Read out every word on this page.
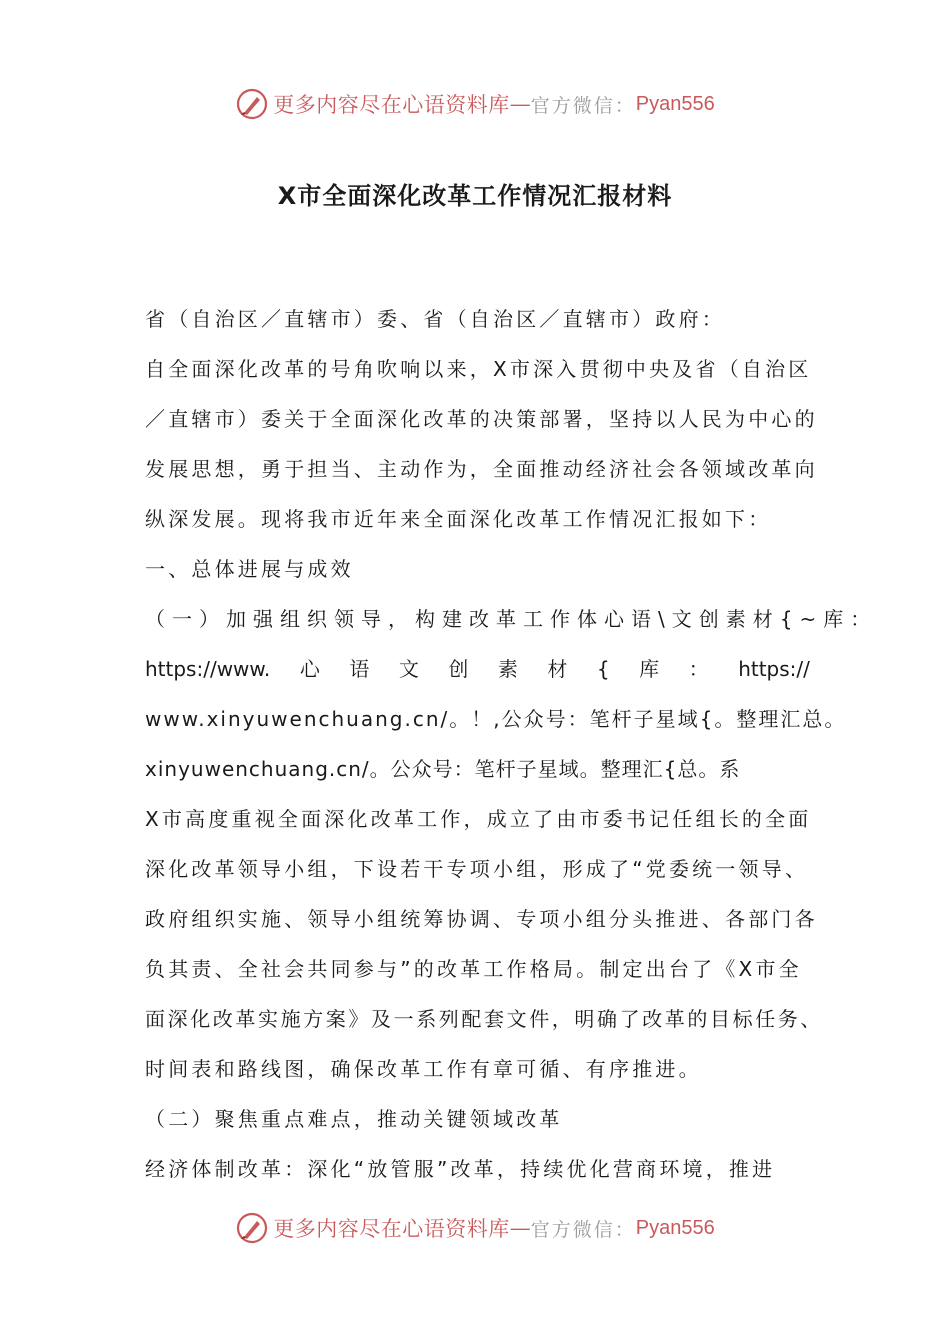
更多内容尽在心语资料库 — 官方微信： Pyan556
X市全面深化改革工作情况汇报材料
省（自治区／直辖市）委、省（自治区／直辖市）政府：
自全面深化改革的号角吹响以来，X市深入贯彻中央及省（自治区
／直辖市）委关于全面深化改革的决策部署，坚持以人民为中心的
发展思想，勇于担当、主动作为，全面推动经济社会各领域改革向
纵深发展。现将我市近年来全面深化改革工作情况汇报如下：
一、总体进展与成效
（一）加强组织领导，构建改革工作体心语\文创素材{~库：
https://www. 心 语 文 创 素 材 { 库 ： https://
www.xinyuwenchuang.cn/。！,公众号：笔杆子星域{。整理汇总。
xinyuwenchuang.cn/。公众号：笔杆子星域。整理汇{总。系
X市高度重视全面深化改革工作，成立了由市委书记任组长的全面
深化改革领导小组，下设若干专项小组，形成了“党委统一领导、
政府组织实施、领导小组统筹协调、专项小组分头推进、各部门各
负其责、全社会共同参与”的改革工作格局。制定出台了《X市全
面深化改革实施方案》及一系列配套文件，明确了改革的目标任务、
时间表和路线图，确保改革工作有章可循、有序推进。
（二）聚焦重点难点，推动关键领域改革
经济体制改革：深化“放管服”改革，持续优化营商环境，推进
更多内容尽在心语资料库 — 官方微信： Pyan556
